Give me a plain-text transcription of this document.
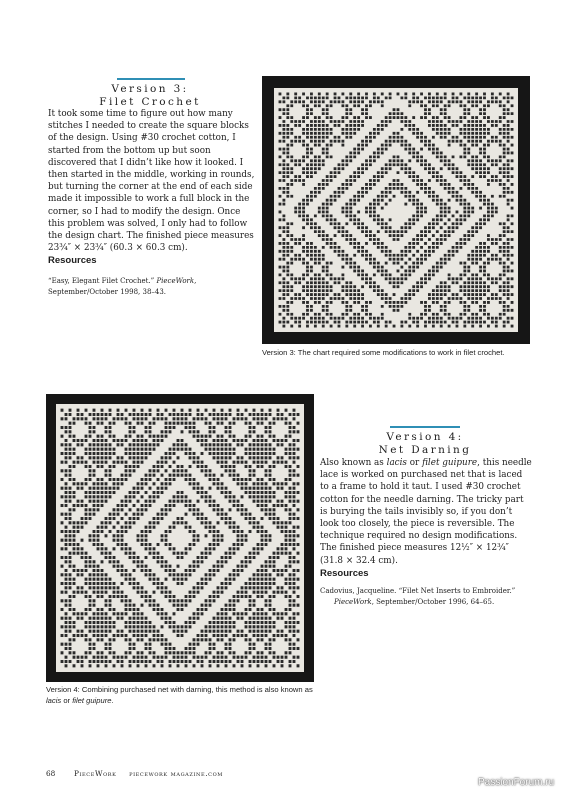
Version 3:
Filet Crochet

It took some time to figure out how many stitches I needed to create the square blocks of the design. Using #30 crochet cotton, I started from the bottom up but soon discovered that I didn’t like how it looked. I then started in the middle, working in rounds, but turning the corner at the end of each side made it impossible to work a full block in the corner, so I had to modify the design. Once this problem was solved, I only had to follow the design chart. The finished piece measures 23¾″ × 23¾″ (60.3 × 60.3 cm).

Resources
“Easy, Elegant Filet Crochet.” PieceWork, September/October 1998, 38–43.
Version 3: The chart required some modifications to work in filet crochet.
Version 4: Combining purchased net with darning, this method is also known as lacis or filet guipure.
Version 4:
Net Darning

Also known as lacis or filet guipure, this needle lace is worked on purchased net that is laced to a frame to hold it taut. I used #30 crochet cotton for the needle darning. The tricky part is burying the tails invisibly so, if you don’t look too closely, the piece is reversible. The technique required no design modifications. The finished piece measures 12½″ × 12¾″ (31.8 × 32.4 cm).

Resources
Cadovius, Jacqueline. “Filet Net Inserts to Embroider.”
PieceWork, September/October 1996, 64–65.
68	PieceWork piecework magazine.com
PassionForum.ru
